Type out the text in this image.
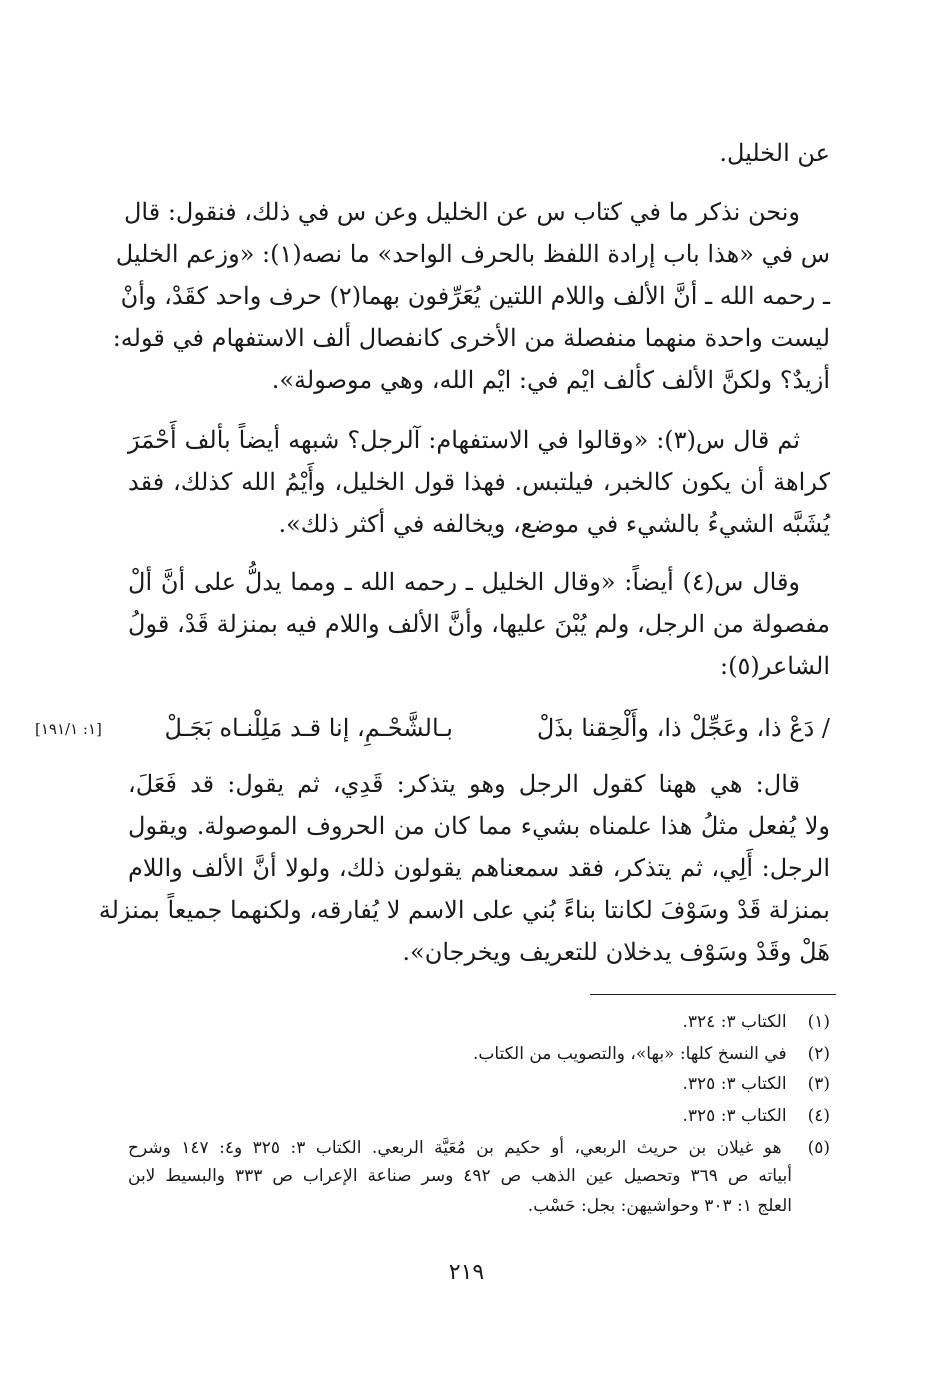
عن الخليل.
ونحن نذكر ما في كتاب س عن الخليل وعن س في ذلك، فنقول: قال
س في «هذا باب إرادة اللفظ بالحرف الواحد» ما نصه(١): «وزعم الخليل
ـ رحمه الله ـ أنَّ الألف واللام اللتين يُعَرِّفون بهما(٢) حرف واحد كقَدْ، وأنْ
ليست واحدة منهما منفصلة من الأخرى كانفصال ألف الاستفهام في قوله:
أزيدٌ؟ ولكنَّ الألف كألف ايْم في: ايْم الله، وهي موصولة».
ثم قال س(٣): «وقالوا في الاستفهام: آلرجل؟ شبهه أيضاً بألف أَحْمَرَ
كراهة أن يكون كالخبر، فيلتبس. فهذا قول الخليل، وأَيْمُ الله كذلك، فقد
يُشَبَّه الشيءُ بالشيء في موضع، ويخالفه في أكثر ذلك».
وقال س(٤) أيضاً: «وقال الخليل ـ رحمه الله ـ ومما يدلُّ على أنَّ ألْ
مفصولة من الرجل، ولم يُبْنَ عليها، وأنَّ الألف واللام فيه بمنزلة قَدْ، قولُ
الشاعر(٥):
/ دَعْ ذا، وعَجِّلْ ذا، وأَلْحِقنا بذَلْ
بـالشَّحْـمِ، إنا قـد مَلِلْنـاه بَجَـلْ
[١: ١٩١/١]
قال: هي ههنا كقول الرجل وهو يتذكر: قَدِي، ثم يقول: قد فَعَلَ،
ولا يُفعل مثلُ هذا علمناه بشيء مما كان من الحروف الموصولة. ويقول
الرجل: أَلِي، ثم يتذكر، فقد سمعناهم يقولون ذلك، ولولا أنَّ الألف واللام
بمنزلة قَدْ وسَوْفَ لكانتا بناءً بُني على الاسم لا يُفارقه، ولكنهما جميعاً بمنزلة
هَلْ وقَدْ وسَوْف يدخلان للتعريف ويخرجان».
(١) الكتاب ٣: ٣٢٤.
(٢) في النسخ كلها: «بها»، والتصويب من الكتاب.
(٣) الكتاب ٣: ٣٢٥.
(٤) الكتاب ٣: ٣٢٥.
(٥) هو غيلان بن حريث الربعي، أو حكيم بن مُعَيَّة الربعي. الكتاب ٣: ٣٢٥ و٤: ١٤٧ وشرح
أبياته ص ٣٦٩ وتحصيل عين الذهب ص ٤٩٢ وسر صناعة الإعراب ص ٣٣٣ والبسيط لابن
العلج ١: ٣٠٣ وحواشيهن: بجل: حَسْب.
٢١٩
